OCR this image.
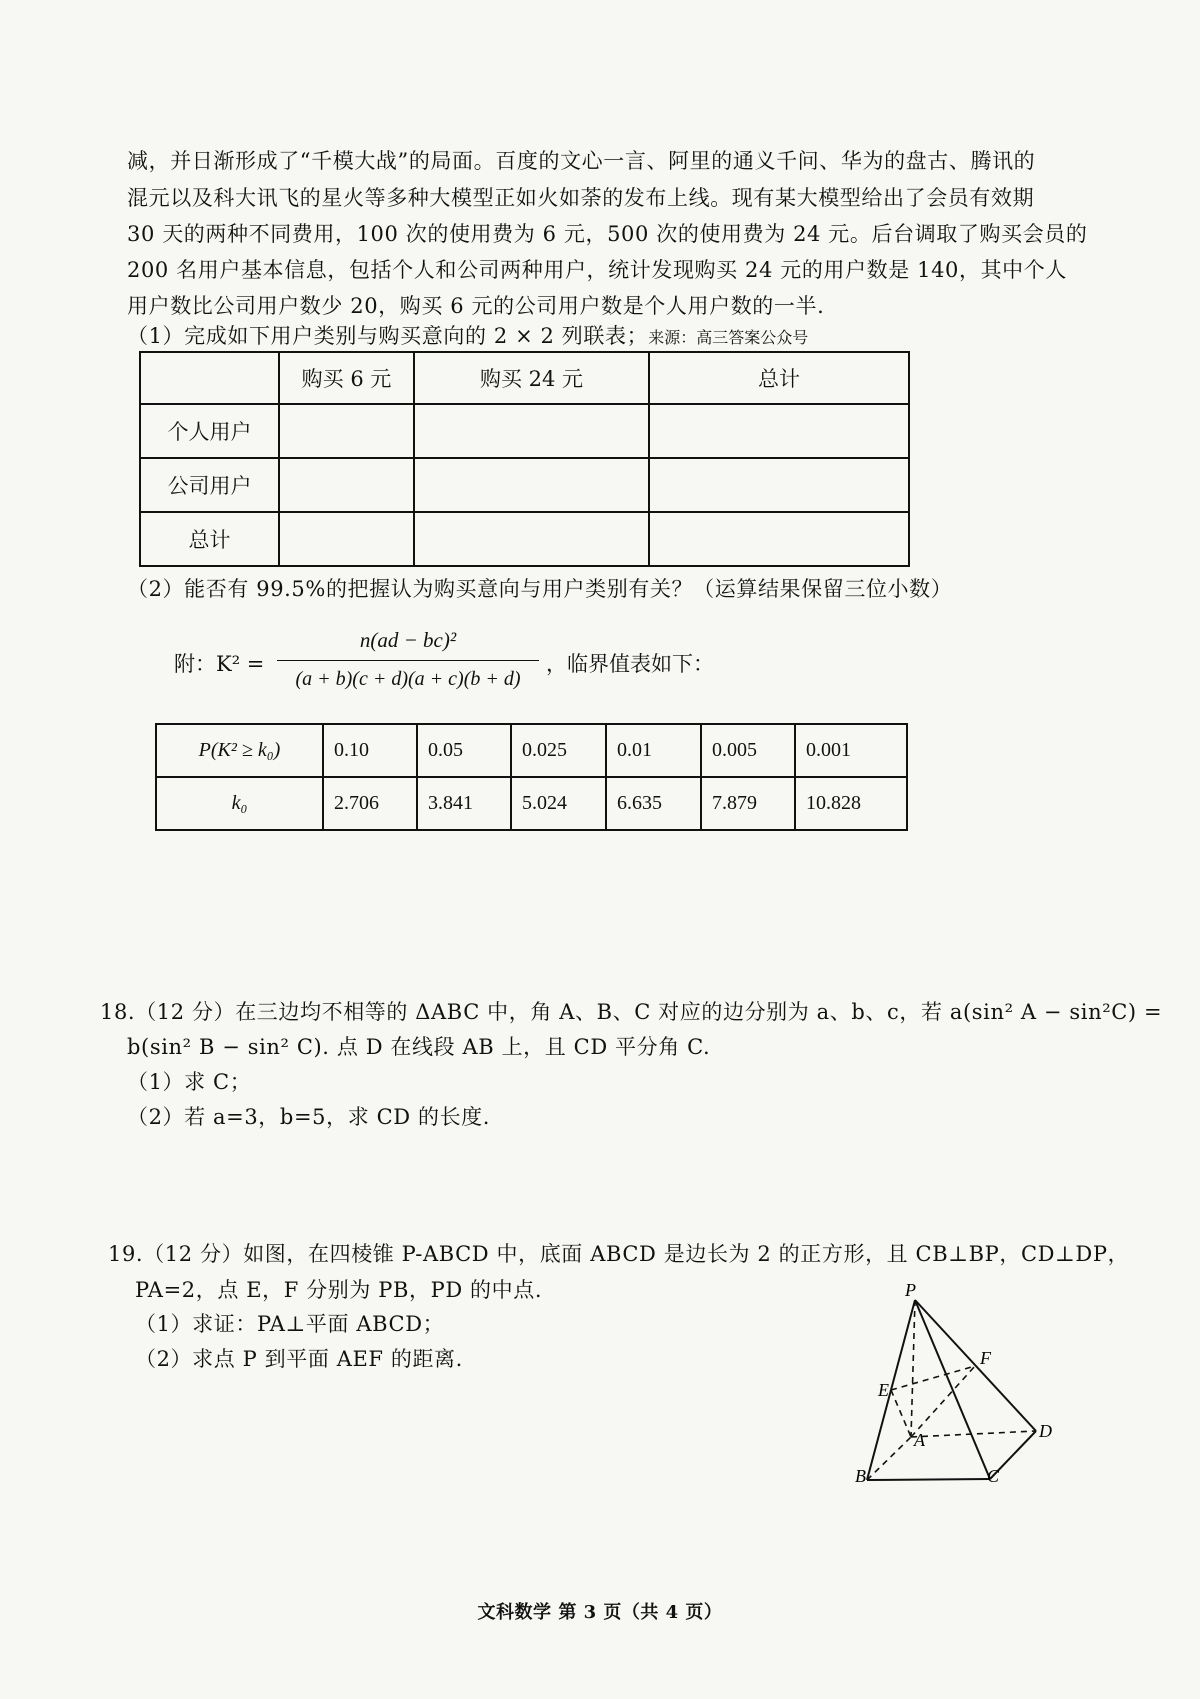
减，并日渐形成了“千模大战”的局面。百度的文心一言、阿里的通义千问、华为的盘古、腾讯的
混元以及科大讯飞的星火等多种大模型正如火如荼的发布上线。现有某大模型给出了会员有效期
30 天的两种不同费用，100 次的使用费为 6 元，500 次的使用费为 24 元。后台调取了购买会员的
200 名用户基本信息，包括个人和公司两种用户，统计发现购买 24 元的用户数是 140，其中个人
用户数比公司用户数少 20，购买 6 元的公司用户数是个人用户数的一半.
（1）完成如下用户类别与购买意向的 2 × 2 列联表；来源：高三答案公众号
	购买 6 元	购买 24 元	总计
个人用户			
公司用户			
总计			
（2）能否有 99.5%的把握认为购买意向与用户类别有关？（运算结果保留三位小数）
附：K² =
n(ad − bc)²
(a + b)(c + d)(a + c)(b + d)
，临界值表如下：
P(K² ≥ k₀)	0.10	0.05	0.025	0.01	0.005	0.001
k₀	2.706	3.841	5.024	6.635	7.879	10.828
18.（12 分）在三边均不相等的 ΔABC 中，角 A、B、C 对应的边分别为 a、b、c，若 a(sin² A − sin²C) =
b(sin² B − sin² C). 点 D 在线段 AB 上，且 CD 平分角 C.
（1）求 C；
（2）若 a=3，b=5，求 CD 的长度.
19.（12 分）如图，在四棱锥 P-ABCD 中，底面 ABCD 是边长为 2 的正方形，且 CB⊥BP，CD⊥DP，
PA=2，点 E，F 分别为 PB，PD 的中点.
（1）求证：PA⊥平面 ABCD；
（2）求点 P 到平面 AEF 的距离.
P
E
F
A	D
B	C
文科数学 第 3 页（共 4 页）
